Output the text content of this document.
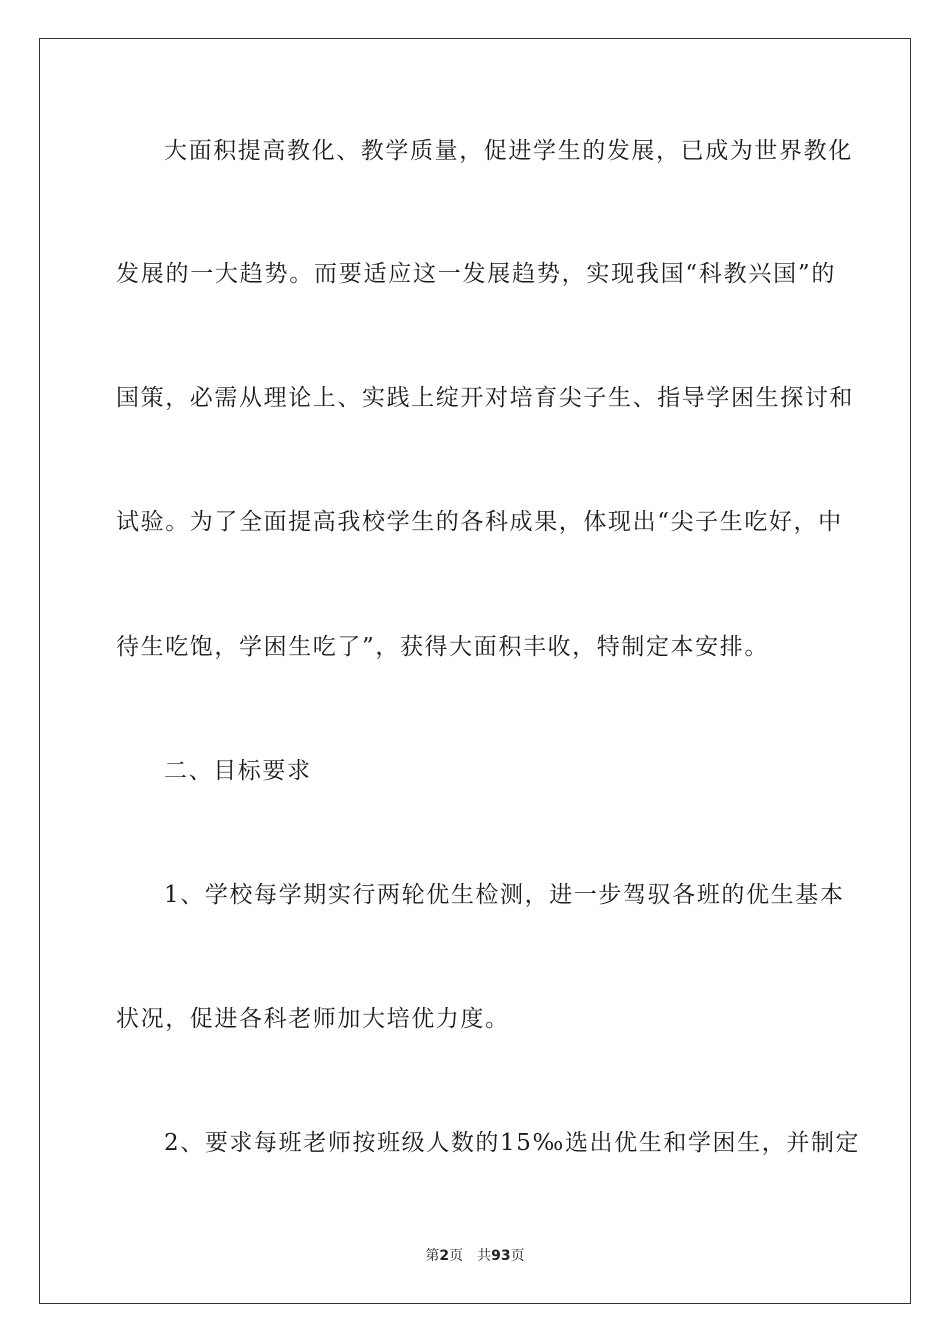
大面积提高教化、教学质量，促进学生的发展，已成为世界教化
发展的一大趋势。而要适应这一发展趋势，实现我国“科教兴国”的
国策，必需从理论上、实践上绽开对培育尖子生、指导学困生探讨和
试验。为了全面提高我校学生的各科成果，体现出“尖子生吃好，中
待生吃饱，学困生吃了”，获得大面积丰收，特制定本安排。
二、目标要求
1、学校每学期实行两轮优生检测，进一步驾驭各班的优生基本
状况，促进各科老师加大培优力度。
2、要求每班老师按班级人数的15‰选出优生和学困生，并制定
第2页 共93页
